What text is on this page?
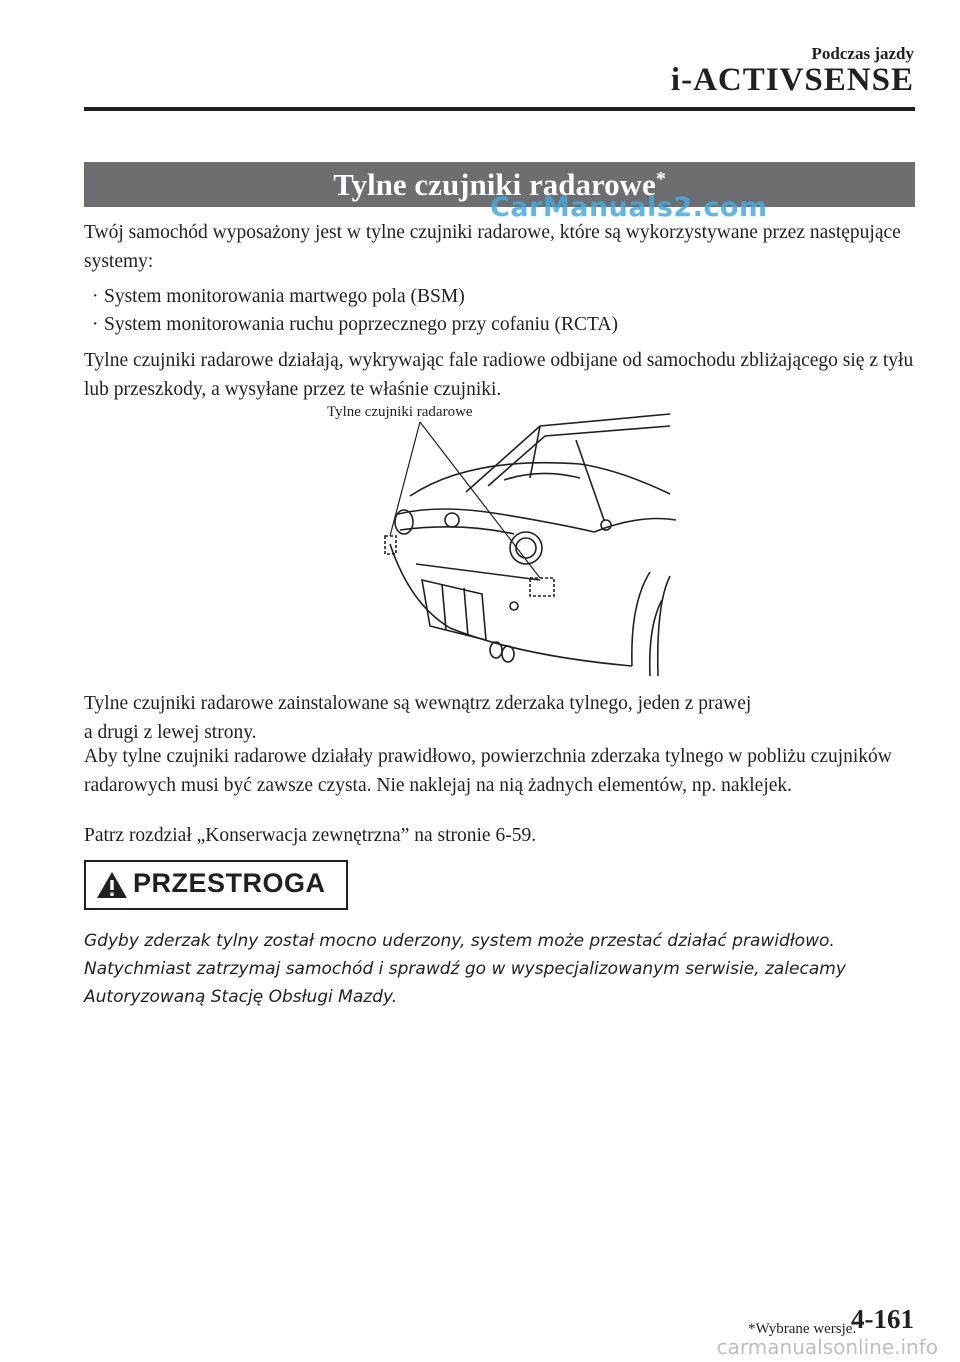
Podczas jazdy
i-ACTIVSENSE
Tylne czujniki radarowe*
CarManuals2.com

Twój samochód wyposażony jest w tylne czujniki radarowe, które są wykorzystywane przez następujące systemy:

· System monitorowania martwego pola (BSM)
· System monitorowania ruchu poprzecznego przy cofaniu (RCTA)

Tylne czujniki radarowe działają, wykrywając fale radiowe odbijane od samochodu zbliżającego się z tyłu lub przeszkody, a wysyłane przez te właśnie czujniki.

Tylne czujniki radarowe

Tylne czujniki radarowe zainstalowane są wewnątrz zderzaka tylnego, jeden z prawej
a drugi z lewej strony.

Aby tylne czujniki radarowe działały prawidłowo, powierzchnia zderzaka tylnego w pobliżu czujników radarowych musi być zawsze czysta. Nie naklejaj na nią żadnych elementów, np. naklejek.

Patrz rozdział „Konserwacja zewnętrzna” na stronie 6-59.

PRZESTROGA

Gdyby zderzak tylny został mocno uderzony, system może przestać działać prawidłowo. Natychmiast zatrzymaj samochód i sprawdź go w wyspecjalizowanym serwisie, zalecamy Autoryzowaną Stację Obsługi Mazdy.

*Wybrane wersje.
4-161
carmanualsonline.info
